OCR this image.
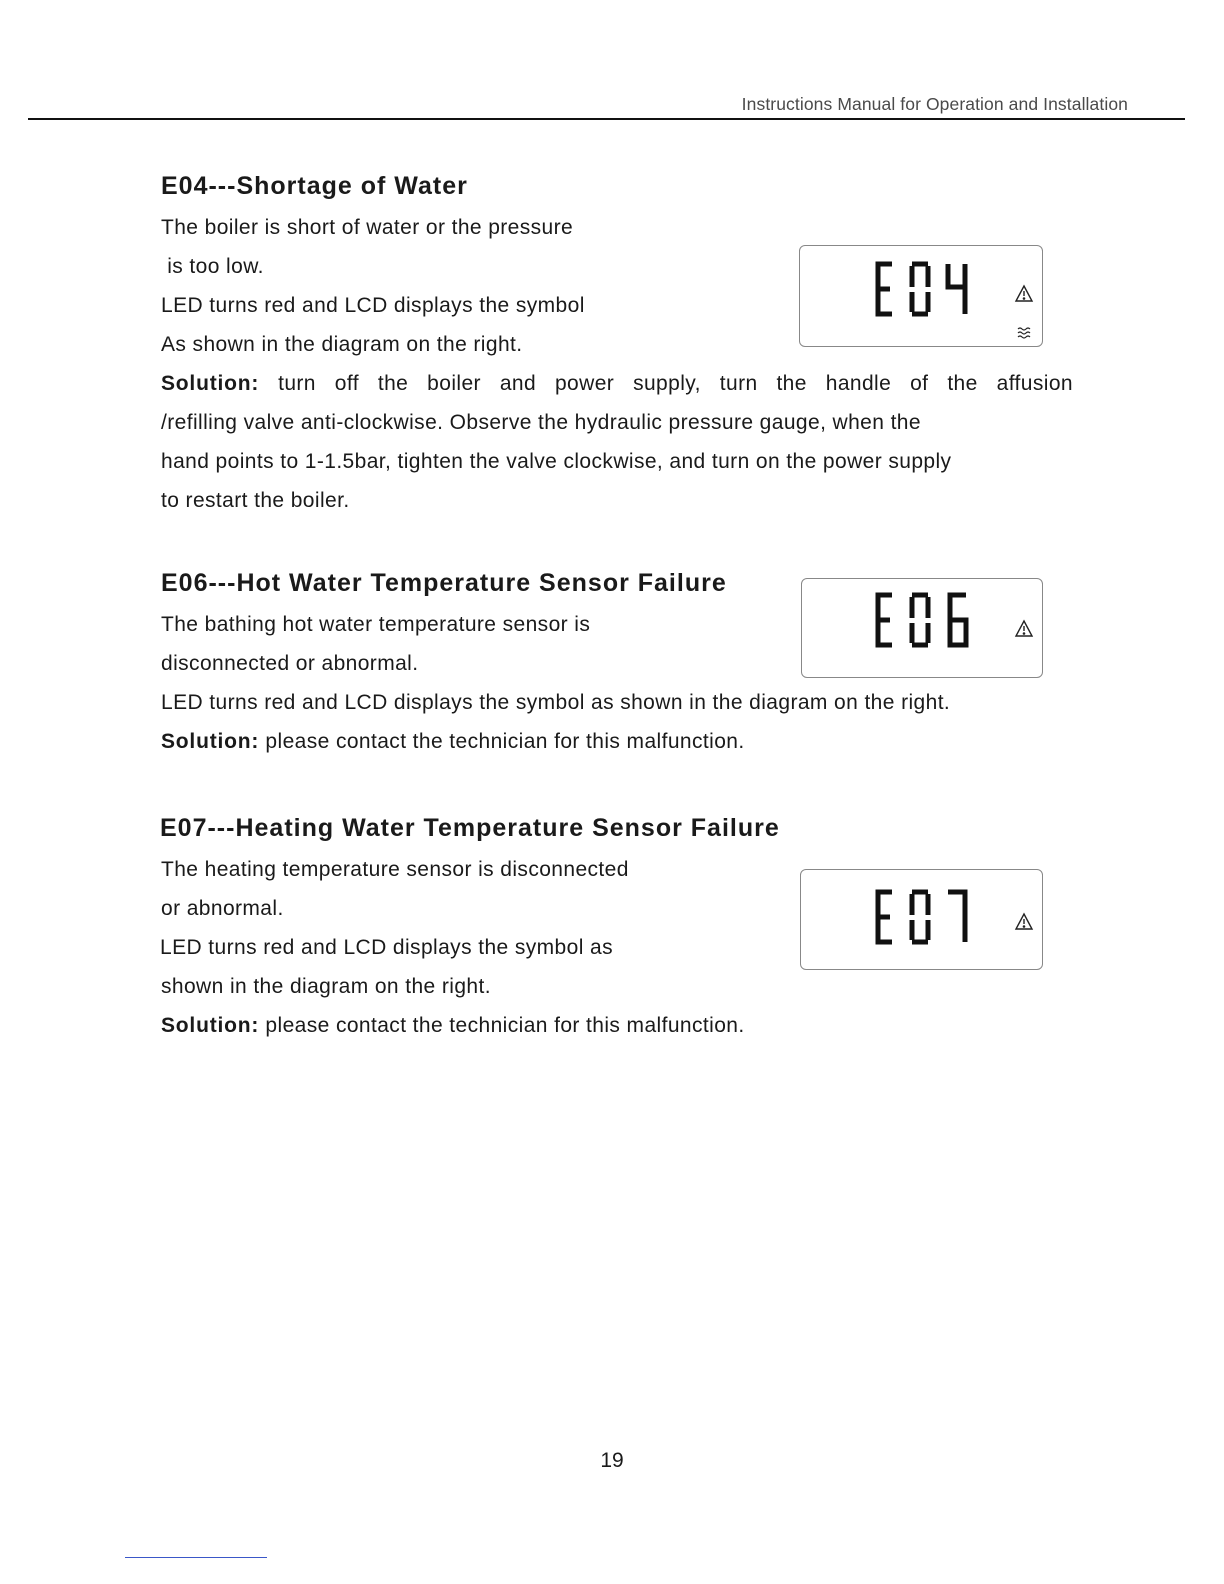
Instructions Manual for Operation and Installation
E04---Shortage of Water

The boiler is short of water or the pressure

is too low.

LED turns red and LCD displays the symbol

As shown in the diagram on the right.

Solution: turn off the boiler and power supply, turn the handle of the affusion

/refilling valve anti-clockwise. Observe the hydraulic pressure gauge, when the

hand points to 1-1.5bar, tighten the valve clockwise, and turn on the power supply

to restart the boiler.

E06---Hot Water Temperature Sensor Failure

The bathing hot water temperature sensor is

disconnected or abnormal.

LED turns red and LCD displays the symbol as shown in the diagram on the right.

Solution: please contact the technician for this malfunction.

E07---Heating Water Temperature Sensor Failure

The heating temperature sensor is disconnected

or abnormal.

LED turns red and LCD displays the symbol as

shown in the diagram on the right.

Solution: please contact the technician for this malfunction.

19
